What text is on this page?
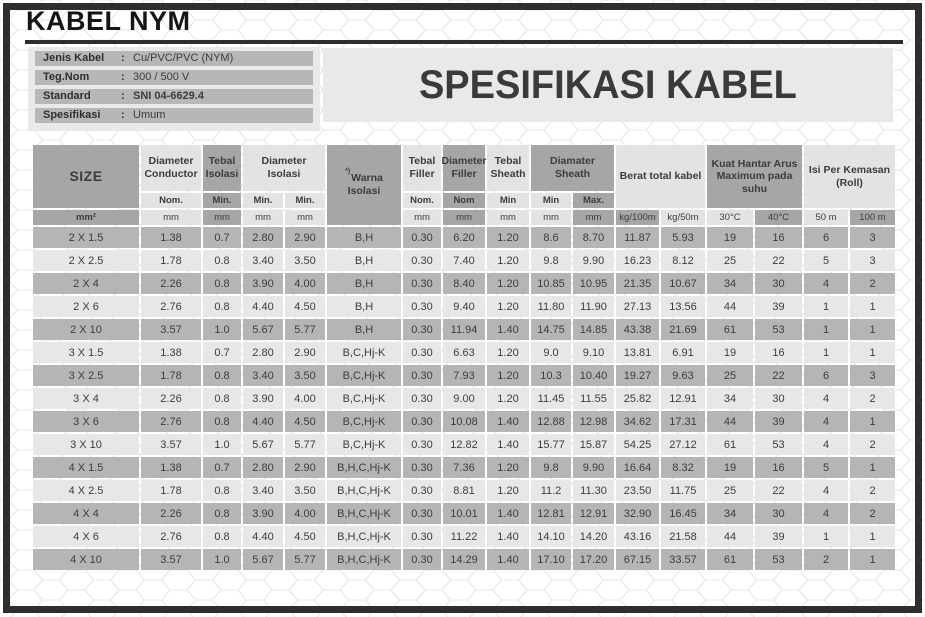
KABEL NYM
Jenis Kabel	: Cu/PVC/PVC (NYM)
Teg.Nom	: 300 / 500 V
Standard	: SNI 04-6629.4
Spesifikasi	: Umum
SPESIFIKASI KABEL
SIZE
Diameter Conductor
Tebal Isolasi
Diameter Isolasi	*)Warna Isolasi
Tebal Filler
Diameter Filler
Tebal Sheath
Diamater Sheath	Berat total kabel
Kuat Hantar Arus Maximum pada suhu
Isi Per Kemasan (Roll)
Nom.	Min.	Min.	Min.	Nom.	Nom	Min	Min	Max.
mm²	mm	mm	mm	mm	mm	mm	mm	mm	mm	kg/100m	kg/50m	30°C	40°C	50 m	100 m
2 X 1.5	1.38	0.7	2.80	2.90	B,H	0.30	6.20	1.20	8.6	8.70	11.87	5.93	19	16	6	3
2 X 2.5	1.78	0.8	3.40	3.50	B,H	0.30	7.40	1.20	9.8	9.90	16.23	8.12	25	22	5	3
2 X 4	2.26	0.8	3.90	4.00	B,H	0.30	8.40	1.20	10.85	10.95	21.35	10.67	34	30	4	2
2 X 6	2.76	0.8	4.40	4.50	B,H	0.30	9.40	1.20	11.80	11.90	27.13	13.56	44	39	1	1
2 X 10	3.57	1.0	5.67	5.77	B,H	0.30	11.94	1.40	14.75	14.85	43.38	21.69	61	53	1	1
3 X 1.5	1.38	0.7	2.80	2.90	B,C,Hj-K	0.30	6.63	1.20	9.0	9.10	13.81	6.91	19	16	1	1
3 X 2.5	1.78	0.8	3.40	3.50	B,C,Hj-K	0.30	7.93	1.20	10.3	10.40	19.27	9.63	25	22	6	3
3 X 4	2.26	0.8	3.90	4.00	B,C,Hj-K	0.30	9.00	1.20	11.45	11.55	25.82	12.91	34	30	4	2
3 X 6	2.76	0.8	4.40	4.50	B,C,Hj-K	0.30	10.08	1.40	12.88	12.98	34.62	17.31	44	39	4	1
3 X 10	3.57	1.0	5.67	5.77	B,C,Hj-K	0.30	12.82	1.40	15.77	15.87	54.25	27.12	61	53	4	2
4 X 1.5	1.38	0.7	2.80	2.90	B,H,C,Hj-K	0.30	7.36	1.20	9.8	9.90	16.64	8.32	19	16	5	1
4 X 2.5	1.78	0.8	3.40	3.50	B,H,C,Hj-K	0.30	8.81	1.20	11.2	11.30	23.50	11.75	25	22	4	2
4 X 4	2.26	0.8	3.90	4.00	B,H,C,Hj-K	0.30	10.01	1.40	12.81	12.91	32.90	16.45	34	30	4	2
4 X 6	2.76	0.8	4.40	4.50	B,H,C,Hj-K	0.30	11.22	1.40	14.10	14.20	43.16	21.58	44	39	1	1
4 X 10	3.57	1.0	5.67	5.77	B,H,C,Hj-K	0.30	14.29	1.40	17.10	17.20	67.15	33.57	61	53	2	1
